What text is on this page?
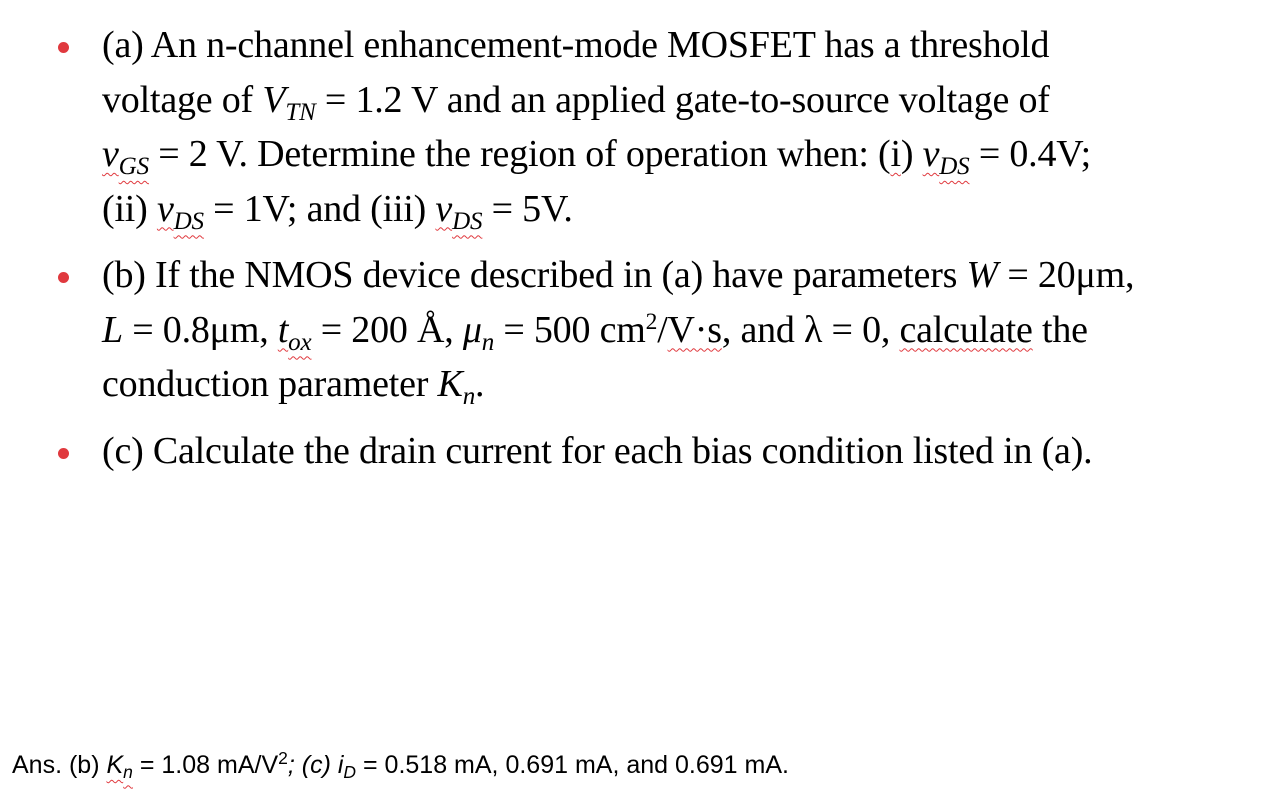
(a) An n-channel enhancement-mode MOSFET has a threshold
voltage of $V_{TN} = 1.2$ V and an applied gate-to-source voltage of
$v_{GS} = 2$ V. Determine the region of operation when: (i) $v_{DS} = 0.4V$;
(ii) $v_{DS} = 1V$; and (iii) $v_{DS} = 5V$.
(b) If the NMOS device described in (a) have parameters W = 20μm,
L = 0.8μm, $t_{ox} = 200$ Å, $\mu_n = 500$ $cm^2/V\cdot s$, and λ = 0, calculate the
conduction parameter $K_n$.
(c) Calculate the drain current for each bias condition listed in (a).
Ans. (b) $K_n = 1.08$ $mA/V^2$; (c) $i_D = 0.518$ mA, 0.691 mA, and 0.691 mA.
